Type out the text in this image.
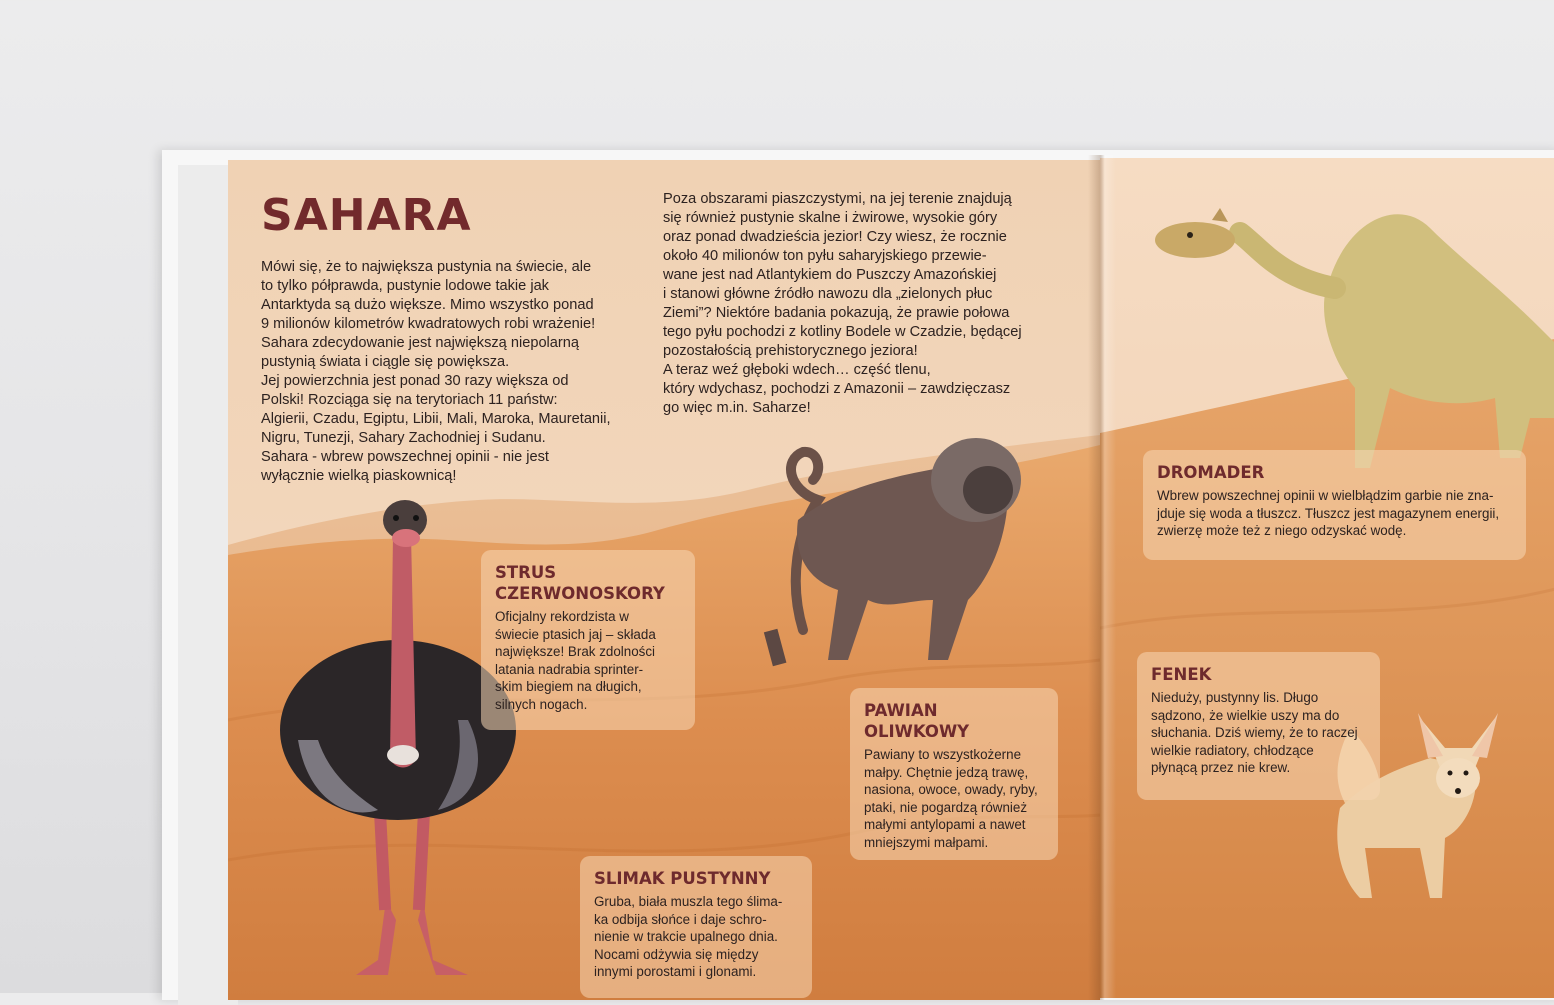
SAHARA

Mówi się, że to największa pustynia na świecie, ale
to tylko półprawda, pustynie lodowe takie jak
Antarktyda są dużo większe. Mimo wszystko ponad
9 milionów kilometrów kwadratowych robi wrażenie!
Sahara zdecydowanie jest największą niepolarną
pustynią świata i ciągle się powiększa.
Jej powierzchnia jest ponad 30 razy większa od
Polski! Rozciąga się na terytoriach 11 państw:
Algierii, Czadu, Egiptu, Libii, Mali, Maroka, Mauretanii,
Nigru, Tunezji, Sahary Zachodniej i Sudanu.
Sahara - wbrew powszechnej opinii - nie jest
wyłącznie wielką piaskownicą!

Poza obszarami piaszczystymi, na jej terenie znajdują
się również pustynie skalne i żwirowe, wysokie góry
oraz ponad dwadzieścia jezior! Czy wiesz, że rocznie
około 40 milionów ton pyłu saharyjskiego przewie-
wane jest nad Atlantykiem do Puszczy Amazońskiej
i stanowi główne źródło nawozu dla „zielonych płuc
Ziemi”? Niektóre badania pokazują, że prawie połowa
tego pyłu pochodzi z kotliny Bodele w Czadzie, będącej
pozostałością prehistorycznego jeziora!
A teraz weź głęboki wdech… część tlenu,
który wdychasz, pochodzi z Amazonii – zawdzięczasz
go więc m.in. Saharze!

STRUS
CZERWONOSKORY

Oficjalny rekordzista w
świecie ptasich jaj – składa
największe! Brak zdolności
latania nadrabia sprinter-
skim biegiem na długich,
silnych nogach.	PAWIAN
OLIWKOWY

Pawiany to wszystkożerne
małpy. Chętnie jedzą trawę,
nasiona, owoce, owady, ryby,
ptaki, nie pogardzą również
małymi antylopami a nawet
mniejszymi małpami.

SLIMAK PUSTYNNY

Gruba, biała muszla tego ślima-
ka odbija słońce i daje schro-
nienie w trakcie upalnego dnia.
Nocami odżywia się między
innymi porostami i glonami.

DROMADER

Wbrew powszechnej opinii w wielbłądzim garbie nie zna-
jduje się woda a tłuszcz. Tłuszcz jest magazynem energii,
zwierzę może też z niego odzyskać wodę.

FENEK

Nieduży, pustynny lis. Długo
sądzono, że wielkie uszy ma do
słuchania. Dziś wiemy, że to raczej
wielkie radiatory, chłodzące
płynącą przez nie krew.
